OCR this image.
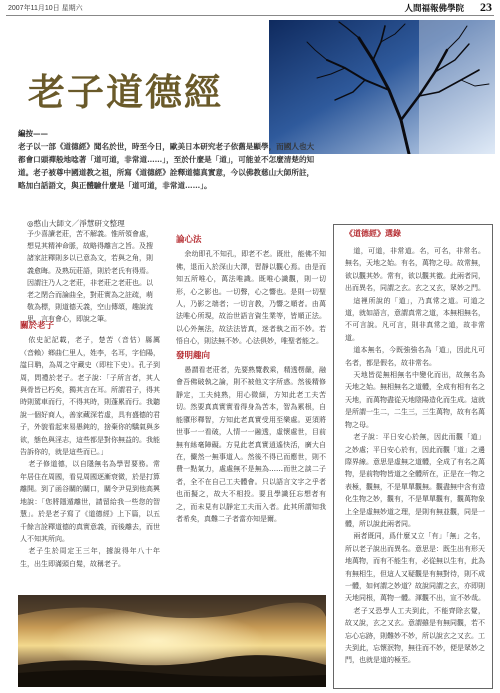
2007年11月10日 星期六	人間福報佛學院 23
老子道德經
編按——
老子以一部《道德經》聞名於世，時至今日，歐美日本研究老子依舊是顯學，而國人也大都會口頭禪般地唸著「道可道，非常道……」，至於什麼是「道」，可能並不怎麼清楚的知道。老子被尊中國道教之祖，所寫《道德經》詮釋道德真實意，今以佛教慈山大師所註，略加白話語文，與正體驗什麼是「道可道，非常道……」。
◎憨山大師文／淨慧研文整理
予少喜讀老莊，苦不解義。惟所領會處，想見其精神命脈，故略得離言之旨。及搜諸家註釋則多以已意為文，若與之角，則義愈晦。及熟玩莊語，則於老氏有得焉。因謂注乃人之老莊，非老莊之老莊也。以老之閉合而論曲全，對莊實為之註疏，萌敬為標，則道德天義，空山傳頌，趣說流思，言有會心，即說之筆。
關於老子

依史記記載，老子，楚苦（音怙）縣厲（音賴）鄉曲仁里人，姓李，名耳，字伯陽，諡曰聃，為周之守藏史（即柱下史）。孔子到周，問禮於老子。老子說：「子所言者，其人與骨皆已朽矣，獨其言在耳。所謂君子，得其時則駕車而行，不得其時，則蓬累而行。我聽說一個好商人，善家藏深若虛，具有盛德的君子，外貌看起來易愚鈍的，捨棄你的驕氣與多欲，態色與淫志，這些都是對你無益的。我能告訴你的，就是這些而已。」

老子修道德，以自隱無名為學習要務。常年居住在周國，看見周國逐漸衰微，於是打算離開。到了函谷關的關口，關令尹見到他高興地說：「您將隱遁離世，請留給我一些您的智慧」。於是老子寫了《道德經》上下篇，以五千餘言詮釋道德的真實意義，而後離去，而世人不知其所向。

老子生於周定王三年，據說得年八十年生，出生即滿頭白髮，故稱老子。

論心法

余幼即孔不知孔，即老不老。既壯，能佛不知佛，退而入於深山大澤，習靜以觀心焉。由是而知五所唯心，萬法唯識。既唯心識觀，則一切形，心之影也。一切聲，心之響也。是則一切聖人，乃影之端者；一切言教，乃響之順者。由萬法唯心所現，故治世語言資生業等，皆順正法。以心外無法，故法法皆真，迷者執之而不妙。若悟自心，則法無不妙。心法俱妙，唯聖者能之。

發明趣向

愚謂看老莊者，先要熟覽教乘，精透楞嚴，融會吾佛破執之論，則不被他文字所惑。然後精修靜定，工夫純熟，用心微細，方知此老工夫苦切。然要真真實實看得身為苦本，智為累根，自能隳形釋智，方知此老真實受用至樂處。更須將世事一一看破，人情一一融透，虛懷處世，目前無有絲毫障礙。方見此老真實逍遙快活，廣大自在，儼然一無事道人。然後不得已而應世，則不費一點氣力，處處無不是無為……而世之談二子者，全不在自己工夫體會。只以語言文字之乎者也而擬之，故大不相投。要且學識狂忘想者有之，而未見有以靜定工夫而入者。此其所謂知我者希矣，真難二子者當亦知是爾。

《道德經》選錄

道，可道，非常道。名，可名，非常名。無名，天地之始。有名，萬物之母。故常無，欲以觀其妙。常有，欲以觀其徼。此兩者同，出而異名，同謂之玄。玄之又玄，眾妙之門。

這裡所說的「道」，乃真常之道。可道之道，就如語言，意謂真常之道，本無相無名，不可言說。凡可言，則非真常之道，故非常道。

道本無名，今既強強名為「道」，因此凡可名者，都是假名，故非常名。

天地皆從無相無名中變化而出，故無名為天地之始。無相無名之道體，全成有相有名之天地，而萬物盡從天地陰陽造化而生成。這就是所謂一生二，二生三，三生萬物，故有名萬物之母。

老子說：平日安心於無，因此而觀「道」之妙處；平日安心於有，因此而觀「道」之邊際界線。意思是虛無之道體，全成了有名之萬物，是前物物皆道之全體所在，正是在一物之表極，觀無，不是單單觀無。觀盡無中含有造化生物之妙，觀有，不是單單觀有，觀萬物象上全是虛無妙道之理，是則有無並觀，同是一體，所以說此兩者同。

兩者既同，爲什麼又立「有」「無」之名，所以老子說出而異名。意思是：既生出有形天地萬物，而有不能生有，必從無以生有，此為有無相生，但這人又疑觀是有無對待，則不成一體，如何謂之妙道？故說同謂之玄，亦即則天地同根，萬物一體。渾觀不出，宣不妙哉。

老子又恐學人工夫到此，不能齊除玄覺，故又說，玄之又玄。意謂雖是有無同觀，若不忘心忘跡，則難妙不妙，所以說玄之又玄。工夫到此，忘懷泯物，無往而不妙，便是眾妙之門，也就是道的極至。
